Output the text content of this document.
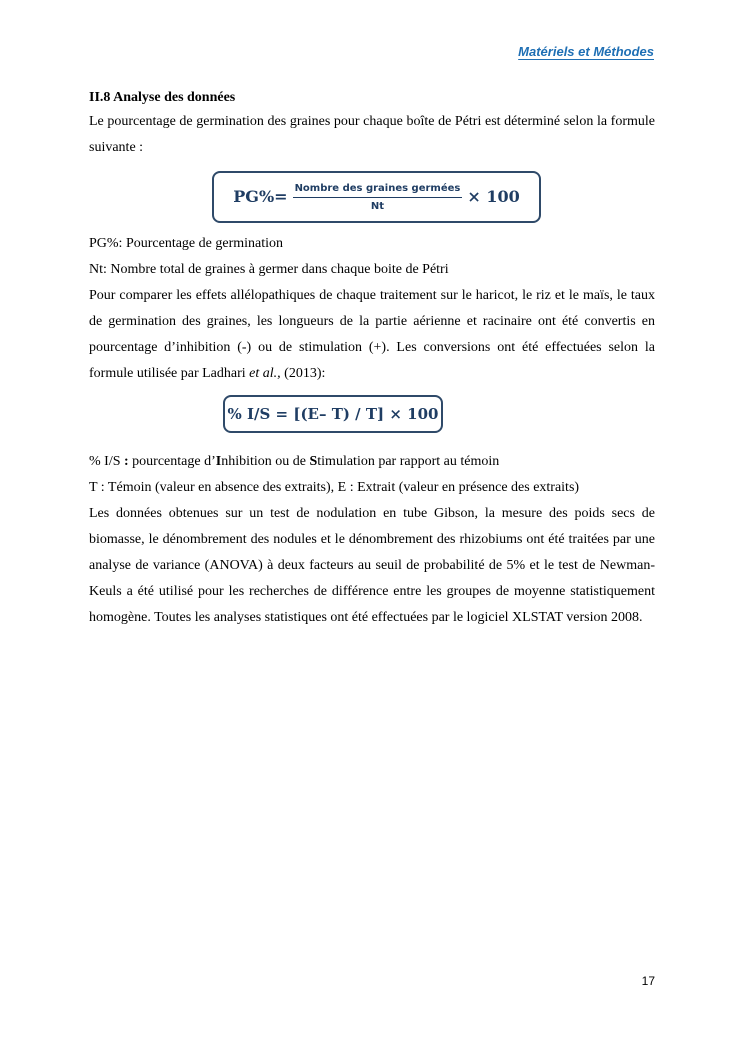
Matériels et Méthodes

II.8 Analyse des données

Le pourcentage de germination des graines pour chaque boîte de Pétri est déterminé selon la formule suivante :

$PG\%= \frac{\text{Nombre des graines germées}}{Nt} \times 100$

PG%: Pourcentage de germination

Nt: Nombre total de graines à germer dans chaque boite de Pétri

Pour comparer les effets allélopathiques de chaque traitement sur le haricot, le riz et le maïs, le taux de germination des graines, les longueurs de la partie aérienne et racinaire ont été convertis en pourcentage d’inhibition (-) ou de stimulation (+). Les conversions ont été effectuées selon la formule utilisée par Ladhari et al., (2013):

% I/S = [(E– T) / T] × 100

% I/S : pourcentage d’Inhibition ou de Stimulation par rapport au témoin

T : Témoin (valeur en absence des extraits), E : Extrait (valeur en présence des extraits)

Les données obtenues sur un test de nodulation en tube Gibson, la mesure des poids secs de biomasse, le dénombrement des nodules et le dénombrement des rhizobiums ont été traitées par une analyse de variance (ANOVA) à deux facteurs au seuil de probabilité de 5% et le test de Newman-Keuls a été utilisé pour les recherches de différence entre les groupes de moyenne statistiquement homogène. Toutes les analyses statistiques ont été effectuées par le logiciel XLSTAT version 2008.

17
